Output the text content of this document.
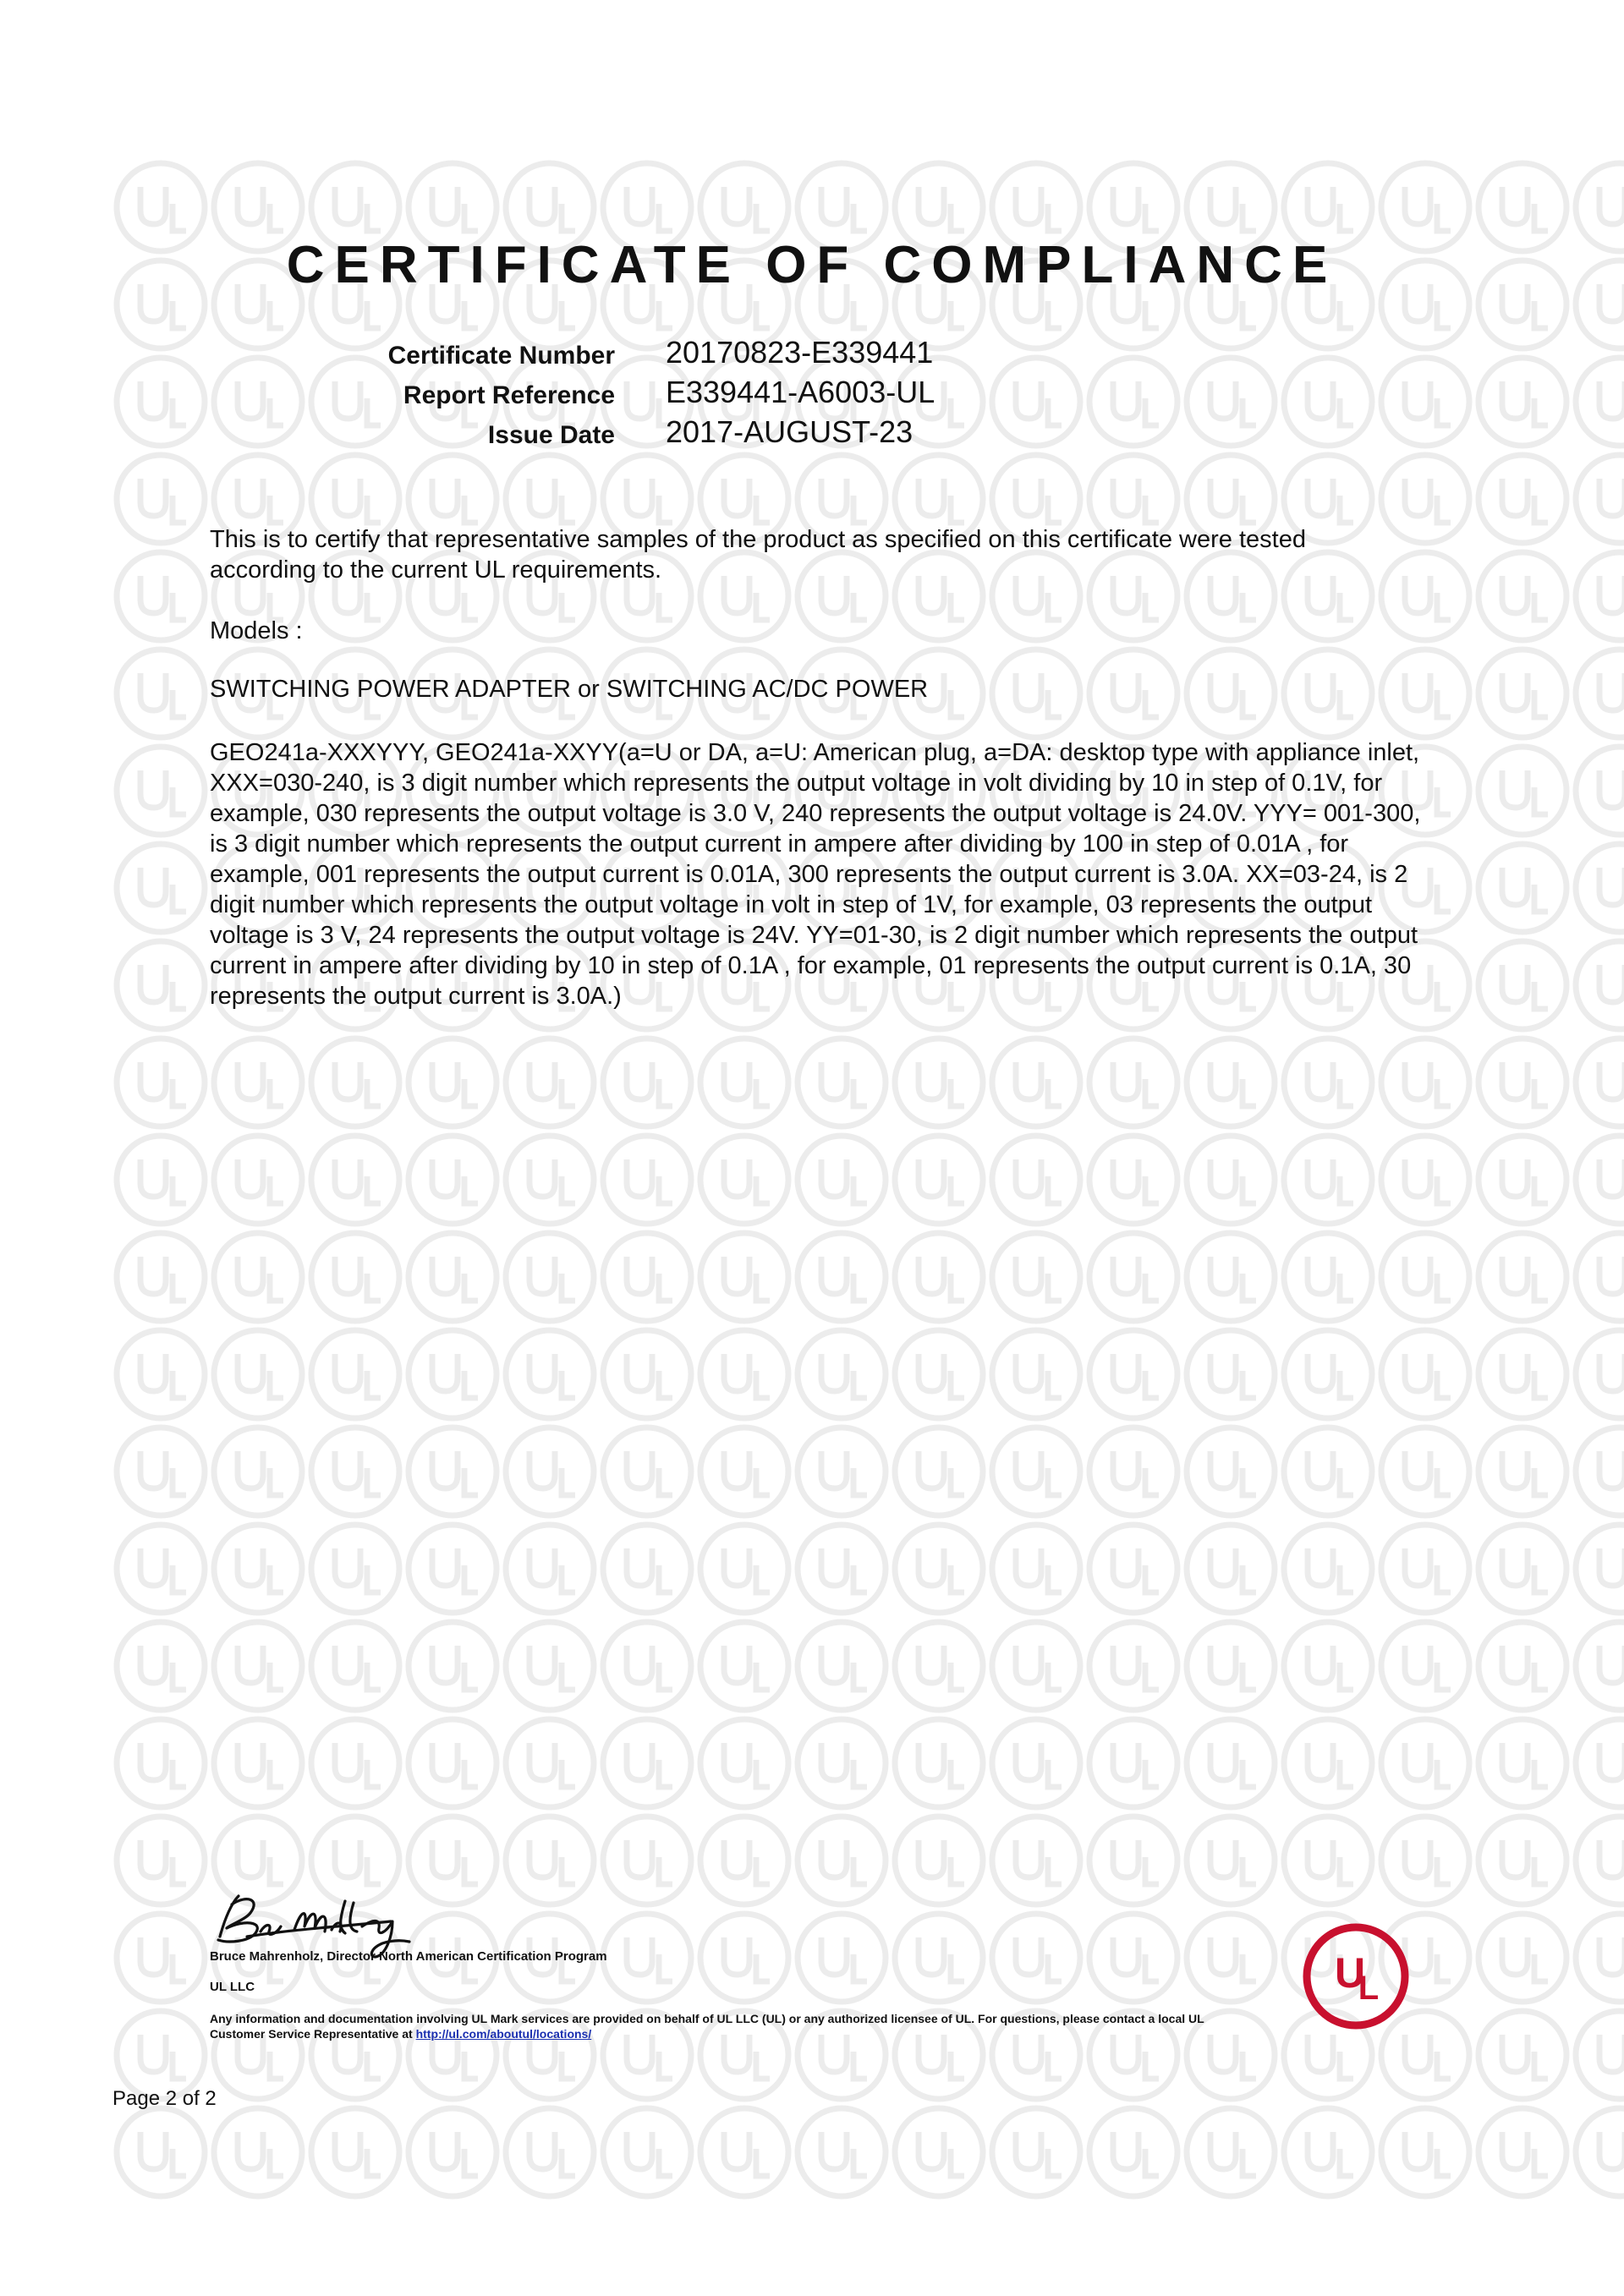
CERTIFICATE OF COMPLIANCE
Certificate Number 20170823-E339441
Report Reference E339441-A6003-UL
Issue Date 2017-AUGUST-23
This is to certify that representative samples of the product as specified on this certificate were tested according to the current UL requirements.
Models :
SWITCHING POWER ADAPTER or SWITCHING AC/DC POWER
GEO241a-XXXYYY, GEO241a-XXYY(a=U or DA, a=U: American plug, a=DA: desktop type with appliance inlet, XXX=030-240, is 3 digit number which represents the output voltage in volt dividing by 10 in step of 0.1V, for example, 030 represents the output voltage is 3.0 V, 240 represents the output voltage is 24.0V. YYY= 001-300, is 3 digit number which represents the output current in ampere after dividing by 100 in step of 0.01A , for example, 001 represents the output current is 0.01A, 300 represents the output current is 3.0A. XX=03-24, is 2 digit number which represents the output voltage in volt in step of 1V, for example, 03 represents the output voltage is 3 V, 24 represents the output voltage is 24V. YY=01-30, is 2 digit number which represents the output current in ampere after dividing by 10 in step of 0.1A , for example, 01 represents the output current is 0.1A, 30 represents the output current is 3.0A.)
Bruce Mahrenholz, Director North American Certification Program
UL LLC
Any information and documentation involving UL Mark services are provided on behalf of UL LLC (UL) or any authorized licensee of UL. For questions, please contact a local UL Customer Service Representative at http://ul.com/aboutul/locations/
U
L
Page 2 of 2
